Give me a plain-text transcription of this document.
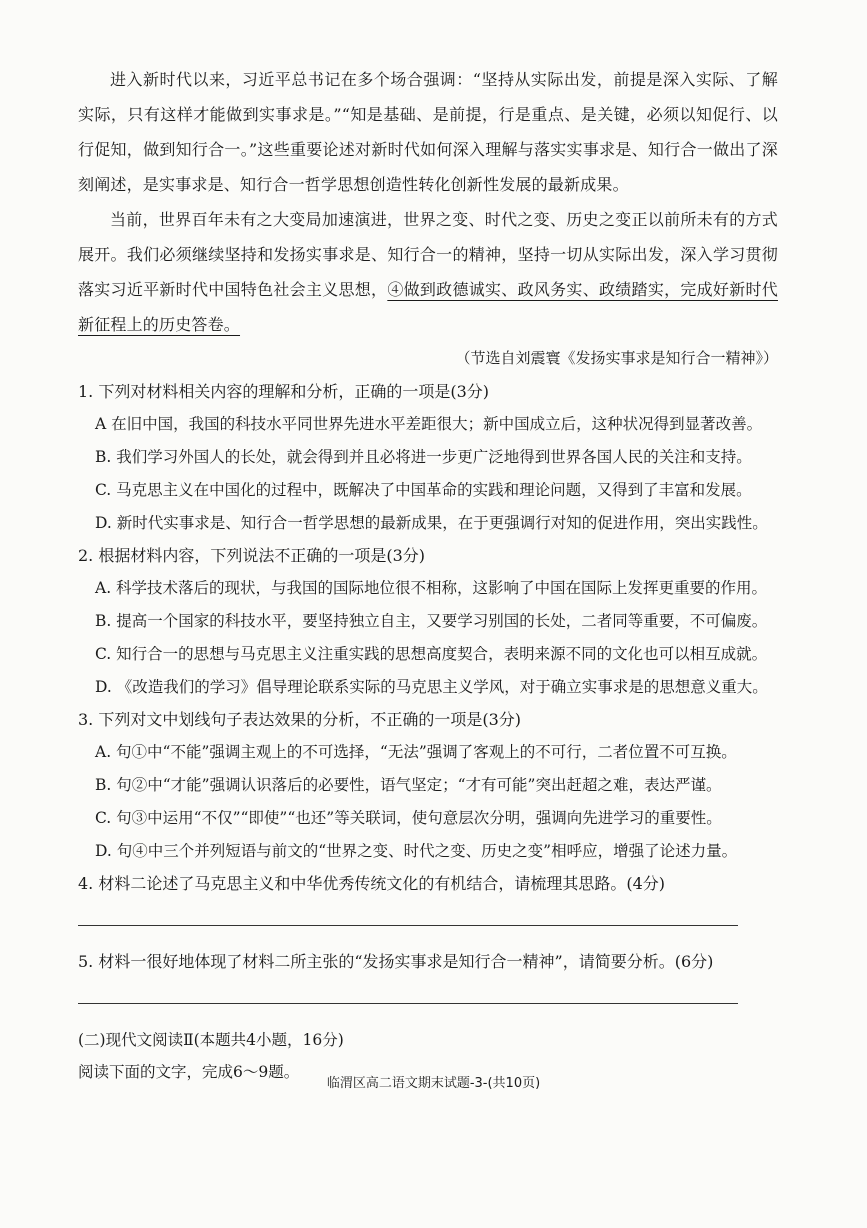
进入新时代以来，习近平总书记在多个场合强调：“坚持从实际出发，前提是深入实际、了解实际，只有这样才能做到实事求是。”“知是基础、是前提，行是重点、是关键，必须以知促行、以行促知，做到知行合一。”这些重要论述对新时代如何深入理解与落实实事求是、知行合一做出了深刻阐述，是实事求是、知行合一哲学思想创造性转化创新性发展的最新成果。

当前，世界百年未有之大变局加速演进，世界之变、时代之变、历史之变正以前所未有的方式展开。我们必须继续坚持和发扬实事求是、知行合一的精神，坚持一切从实际出发，深入学习贯彻落实习近平新时代中国特色社会主义思想，④做到政德诚实、政风务实、政绩踏实，完成好新时代新征程上的历史答卷。

（节选自刘震寰《发扬实事求是知行合一精神》）

1. 下列对材料相关内容的理解和分析，正确的一项是(3分)

A 在旧中国，我国的科技水平同世界先进水平差距很大；新中国成立后，这种状况得到显著改善。

B. 我们学习外国人的长处，就会得到并且必将进一步更广泛地得到世界各国人民的关注和支持。

C. 马克思主义在中国化的过程中，既解决了中国革命的实践和理论问题，又得到了丰富和发展。

D. 新时代实事求是、知行合一哲学思想的最新成果，在于更强调行对知的促进作用，突出实践性。

2. 根据材料内容，下列说法不正确的一项是(3分)

A. 科学技术落后的现状，与我国的国际地位很不相称，这影响了中国在国际上发挥更重要的作用。

B. 提高一个国家的科技水平，要坚持独立自主，又要学习别国的长处，二者同等重要，不可偏废。

C. 知行合一的思想与马克思主义注重实践的思想高度契合，表明来源不同的文化也可以相互成就。

D. 《改造我们的学习》倡导理论联系实际的马克思主义学风，对于确立实事求是的思想意义重大。

3. 下列对文中划线句子表达效果的分析，不正确的一项是(3分)

A. 句①中“不能”强调主观上的不可选择，“无法”强调了客观上的不可行，二者位置不可互换。

B. 句②中“才能”强调认识落后的必要性，语气坚定；“才有可能”突出赶超之难，表达严谨。

C. 句③中运用“不仅”“即使”“也还”等关联词，使句意层次分明，强调向先进学习的重要性。

D. 句④中三个并列短语与前文的“世界之变、时代之变、历史之变”相呼应，增强了论述力量。

4. 材料二论述了马克思主义和中华优秀传统文化的有机结合，请梳理其思路。(4分)

5. 材料一很好地体现了材料二所主张的“发扬实事求是知行合一精神”，请简要分析。(6分)

(二)现代文阅读Ⅱ(本题共4小题，16分)

阅读下面的文字，完成6～9题。

临渭区高二语文期末试题-3-(共10页)
